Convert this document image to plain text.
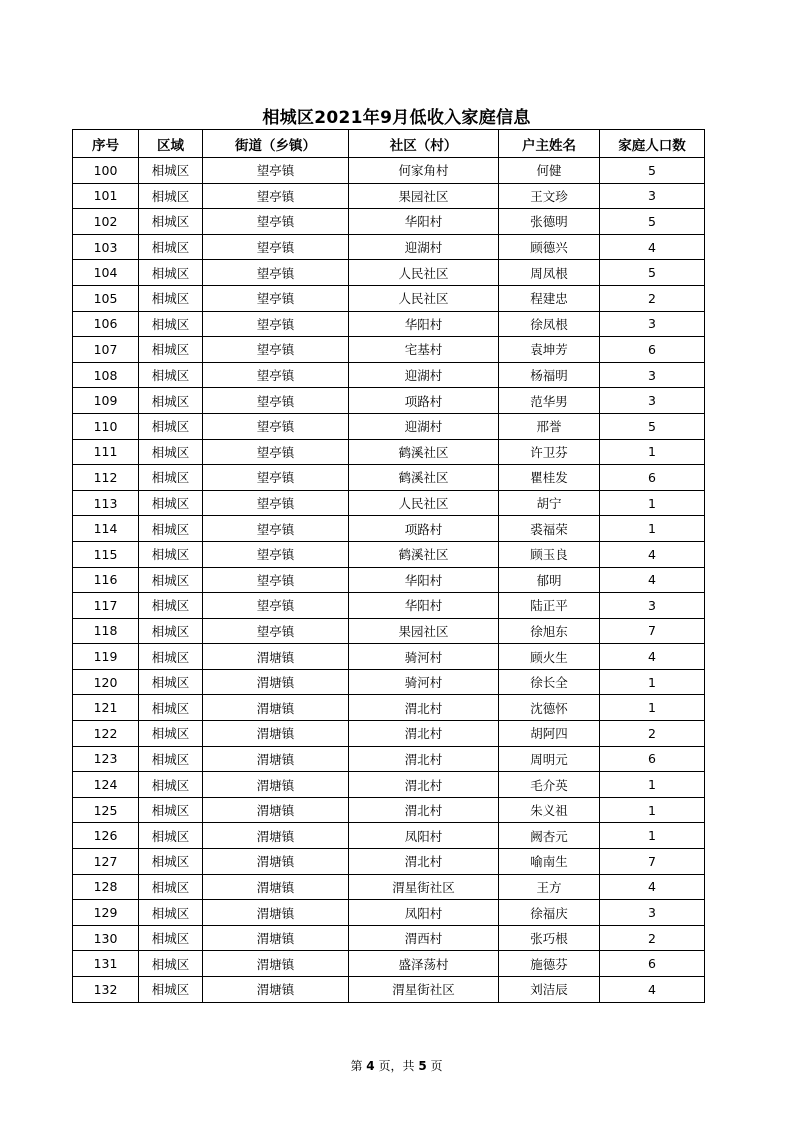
相城区2021年9月低收入家庭信息
序号	区域	街道（乡镇）	社区（村）	户主姓名	家庭人口数
100	相城区	望亭镇	何家角村	何健	5
101	相城区	望亭镇	果园社区	王文珍	3
102	相城区	望亭镇	华阳村	张德明	5
103	相城区	望亭镇	迎湖村	顾德兴	4
104	相城区	望亭镇	人民社区	周凤根	5
105	相城区	望亭镇	人民社区	程建忠	2
106	相城区	望亭镇	华阳村	徐凤根	3
107	相城区	望亭镇	宅基村	袁坤芳	6
108	相城区	望亭镇	迎湖村	杨福明	3
109	相城区	望亭镇	项路村	范华男	3
110	相城区	望亭镇	迎湖村	邢誉	5
111	相城区	望亭镇	鹤溪社区	许卫芬	1
112	相城区	望亭镇	鹤溪社区	瞿桂发	6
113	相城区	望亭镇	人民社区	胡宁	1
114	相城区	望亭镇	项路村	裘福荣	1
115	相城区	望亭镇	鹤溪社区	顾玉良	4
116	相城区	望亭镇	华阳村	郁明	4
117	相城区	望亭镇	华阳村	陆正平	3
118	相城区	望亭镇	果园社区	徐旭东	7
119	相城区	渭塘镇	骑河村	顾火生	4
120	相城区	渭塘镇	骑河村	徐长全	1
121	相城区	渭塘镇	渭北村	沈德怀	1
122	相城区	渭塘镇	渭北村	胡阿四	2
123	相城区	渭塘镇	渭北村	周明元	6
124	相城区	渭塘镇	渭北村	毛介英	1
125	相城区	渭塘镇	渭北村	朱义祖	1
126	相城区	渭塘镇	凤阳村	阙杏元	1
127	相城区	渭塘镇	渭北村	喻南生	7
128	相城区	渭塘镇	渭星街社区	王方	4
129	相城区	渭塘镇	凤阳村	徐福庆	3
130	相城区	渭塘镇	渭西村	张巧根	2
131	相城区	渭塘镇	盛泽荡村	施德芬	6
132	相城区	渭塘镇	渭星街社区	刘洁辰	4
第 4 页，共 5 页
